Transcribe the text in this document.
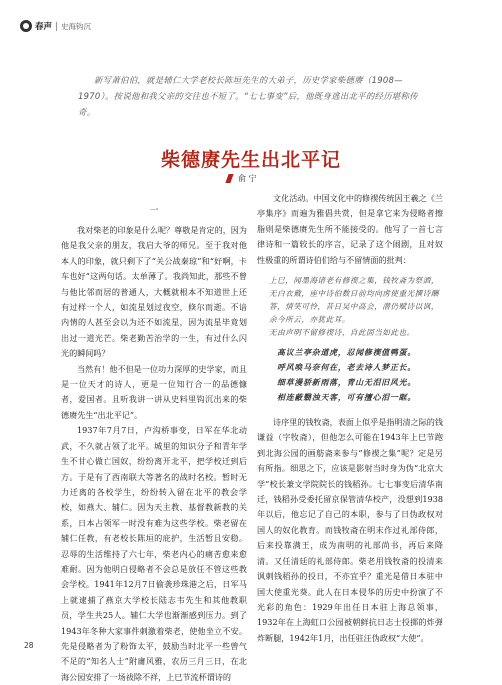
春声 史海钩沉

新写萧伯伯，就是辅仁大学老校长陈垣先生的大弟子，历史学家柴德赓（1908—1970）。按说他和我父亲的交往也不短了。“七七事变”后，他既身逃出北平的经历堪称传奇。

柴德赓先生出北平记
俞 宁
一

我对柴老的印象是什么呢？尊敬是肯定的，因为他是我父亲的朋友，我启大爷的师兄。至于我对他本人的印象，就只剩下了“关公战秦琼”和“好啊，卡车也好”这两句话。太单薄了。我尚知此，那些不曾与他比邻而居的普通人，大概就根本不知道世上还有过样一个人，如流星划过夜空，倏尔而逝。不谙内情的人甚至会以为还不如流星，因为流星毕竟划出过一道光芒。柴老勤苦治学的一生，有过什么闪光的瞬间吗？

当然有！他不但是一位功力深厚的史学家，而且是一位天才的诗人，更是一位知行合一的品德慷者，爱国者。且听我讲一讲从史料里钩沉出来的柴德赓先生“出北平记”。

1937年7月7日，卢沟桥事变，日军在华北动武，不久就占领了北平。城里的知识分子和青年学生不甘心做亡国奴，纷纷离开北平，把学校迁到后方。于是有了西南联大等著名的战时名校。暂时无力迁离的各校学生，纷纷转入留在北平的教会学校，如燕大、辅仁。因为天主教、基督教新教的关系，日本占领军一时没有难为这些学校。柴老留在辅仁任教，有老校长陈垣的庇护，生活暂且安稳。忍辱的生活维持了六七年，柴老内心的痛苦愈来愈难耐。因为他明白侵略者不会总是放任不管这些教会学校。1941年12月7日偷袭珍珠港之后，日军马上就逮捕了燕京大学校长陆志韦先生和其他教职员，学生共25人。辅仁大学也渐渐感到压力。到了1943年冬种大家事件刺激着柴老，使他坐立不安。先是侵略者为了粉饰太平，鼓励当时北平一些曾气不足的“知名人士”附庸风雅，农历三月三日，在北海公园安排了一场祓除不祥，上巳节流杯谓诗的

文化活动。中国文化中的修禊传统因王羲之《兰亭集序》而遍为雅倡共赏，但是拿它来为侵略者擦脂则是柴德赓先生所不能接受的。他写了一首七言律诗和一篇较长的序言，记录了这个闹剧，且对奴性极重的所谓诗伯们给与不留情面的批判：

上巳，闻墨海诸老有修禊之集，钱牧斋为祭酒，无白衣戴，座中诗伯数日前均向虏使重光撰诗酬答，情笑可怜，昔日吴中高会，潜仍赋诗以讽，余今所云，亦犹此耳。

无由声明不留修禊诗，自此固当如此也。

高议兰亭杂道虎，忍闻修禊值鸭蛋。

呼风唤马奈何在，老去诗人梦正长。

细草漫骄新雨落，青山无泪旧风光。

相连蔽翳浊天客，可有擅心泪一眶。

诗序里的钱牧斋，表面上似乎是指明清之际的钱谦益（字牧斋），但他怎么可能在1943年上巳节跑到北海公园的画舫斋来参与“修禊之集”呢？定是另有所指。细思之下，应该是影射当时身为伪“北京大学”校长兼文学院院长的钱稻孙。七七事变后清华南迁，钱稻孙受委托留京保管清华校产，没想到1938年以后，他忘记了自己的本职，参与了日伪政权对国人的奴化教育。而钱牧斋在明末作过礼部侍郎，后来投靠满王，成为南明的礼部尚书，再后来降清。又任清廷的礼部侍郎。柴老用钱牧斋的投清来讽刺钱稻孙的投日，不亦宜乎？重光是借日本驻中国大使重光葵。此人在日本侵华的历史中扮演了不光彩的角色：1929年出任日本驻上海总领事，1932年在上海虹口公园被朝鲜抗日志士投掷的炸弹炸断腿，1942年1月，出任驻汪伪政权“大使”。

28
